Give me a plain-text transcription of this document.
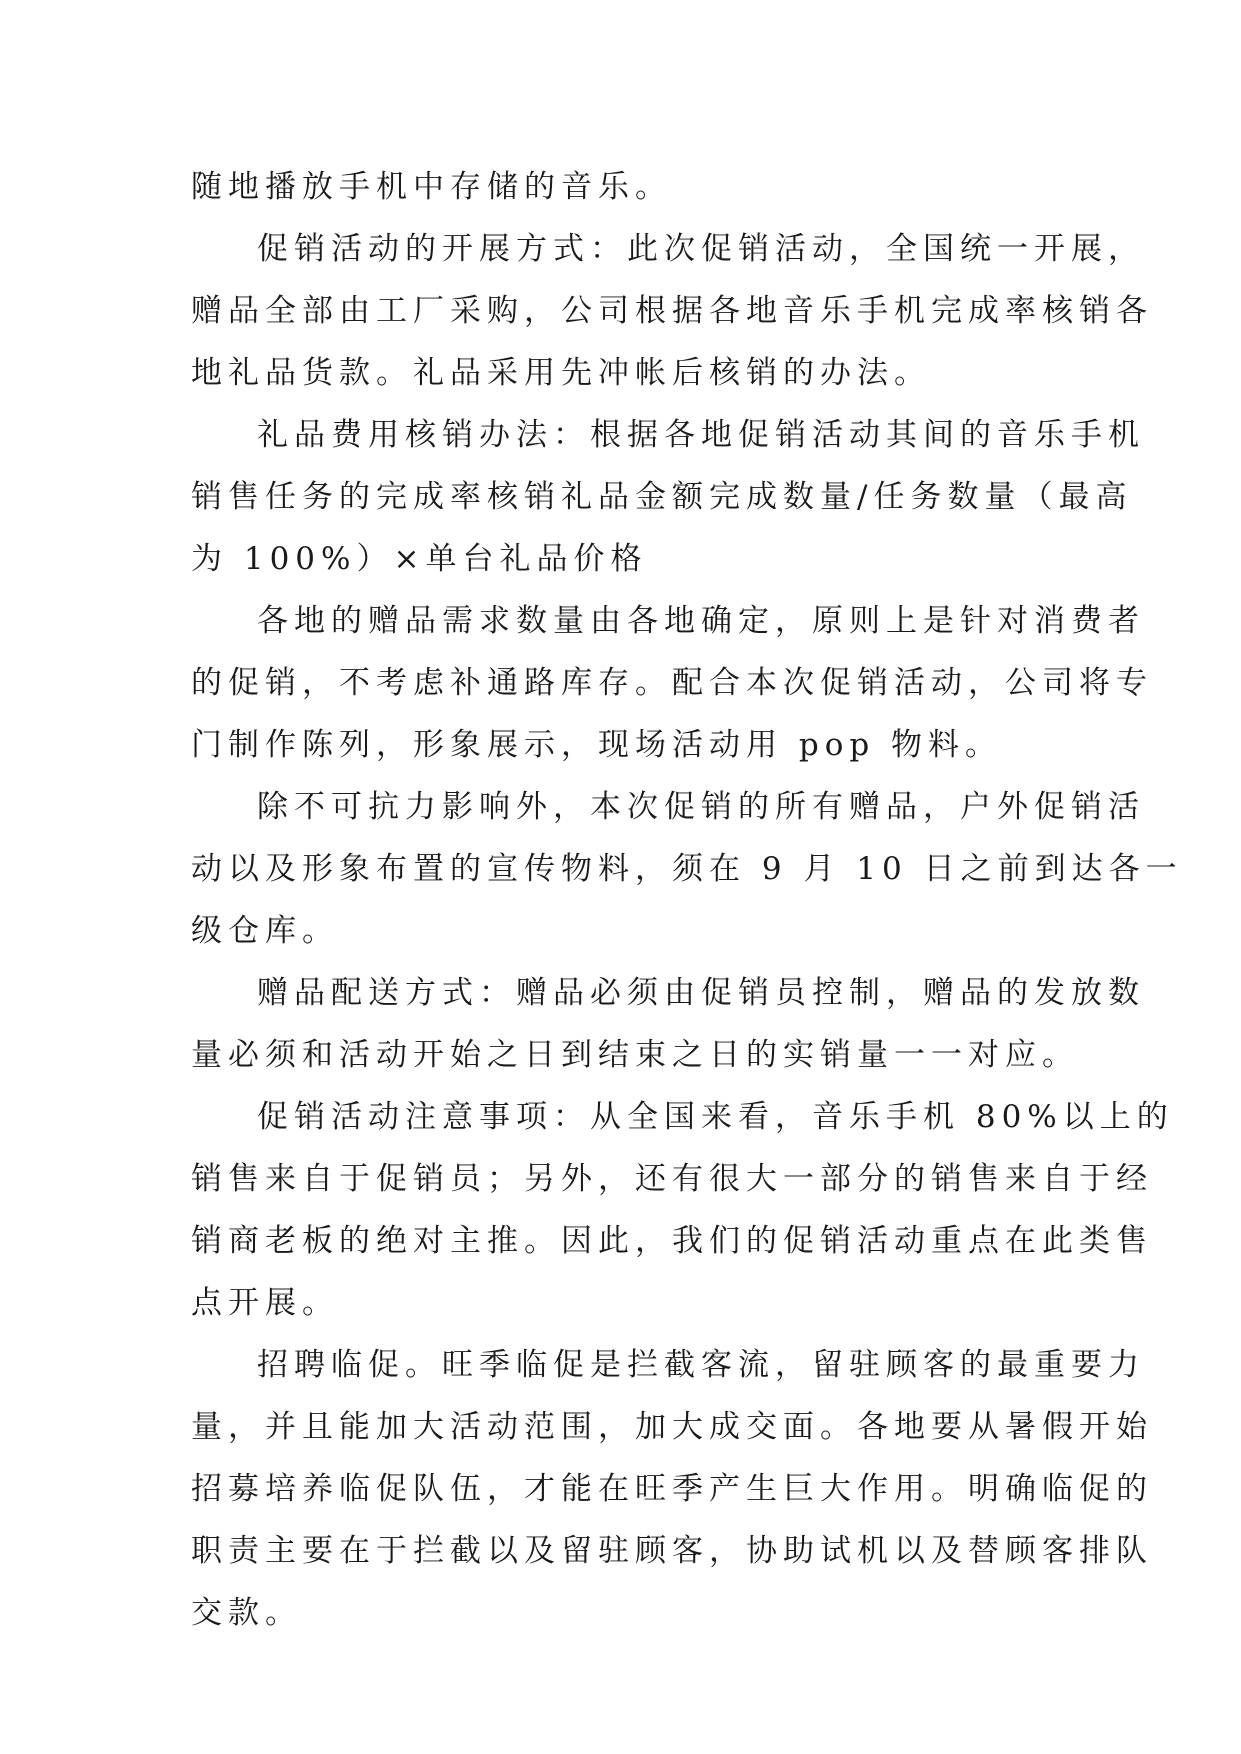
随地播放手机中存储的音乐。
促销活动的开展方式：此次促销活动，全国统一开展，
赠品全部由工厂采购，公司根据各地音乐手机完成率核销各
地礼品货款。礼品采用先冲帐后核销的办法。
礼品费用核销办法：根据各地促销活动其间的音乐手机
销售任务的完成率核销礼品金额完成数量/任务数量（最高
为 100%）×单台礼品价格
各地的赠品需求数量由各地确定，原则上是针对消费者
的促销，不考虑补通路库存。配合本次促销活动，公司将专
门制作陈列，形象展示，现场活动用 pop 物料。
除不可抗力影响外，本次促销的所有赠品，户外促销活
动以及形象布置的宣传物料，须在 9 月 10 日之前到达各一
级仓库。
赠品配送方式：赠品必须由促销员控制，赠品的发放数
量必须和活动开始之日到结束之日的实销量一一对应。
促销活动注意事项：从全国来看，音乐手机 80%以上的
销售来自于促销员；另外，还有很大一部分的销售来自于经
销商老板的绝对主推。因此，我们的促销活动重点在此类售
点开展。
招聘临促。旺季临促是拦截客流，留驻顾客的最重要力
量，并且能加大活动范围，加大成交面。各地要从暑假开始
招募培养临促队伍，才能在旺季产生巨大作用。明确临促的
职责主要在于拦截以及留驻顾客，协助试机以及替顾客排队
交款。
